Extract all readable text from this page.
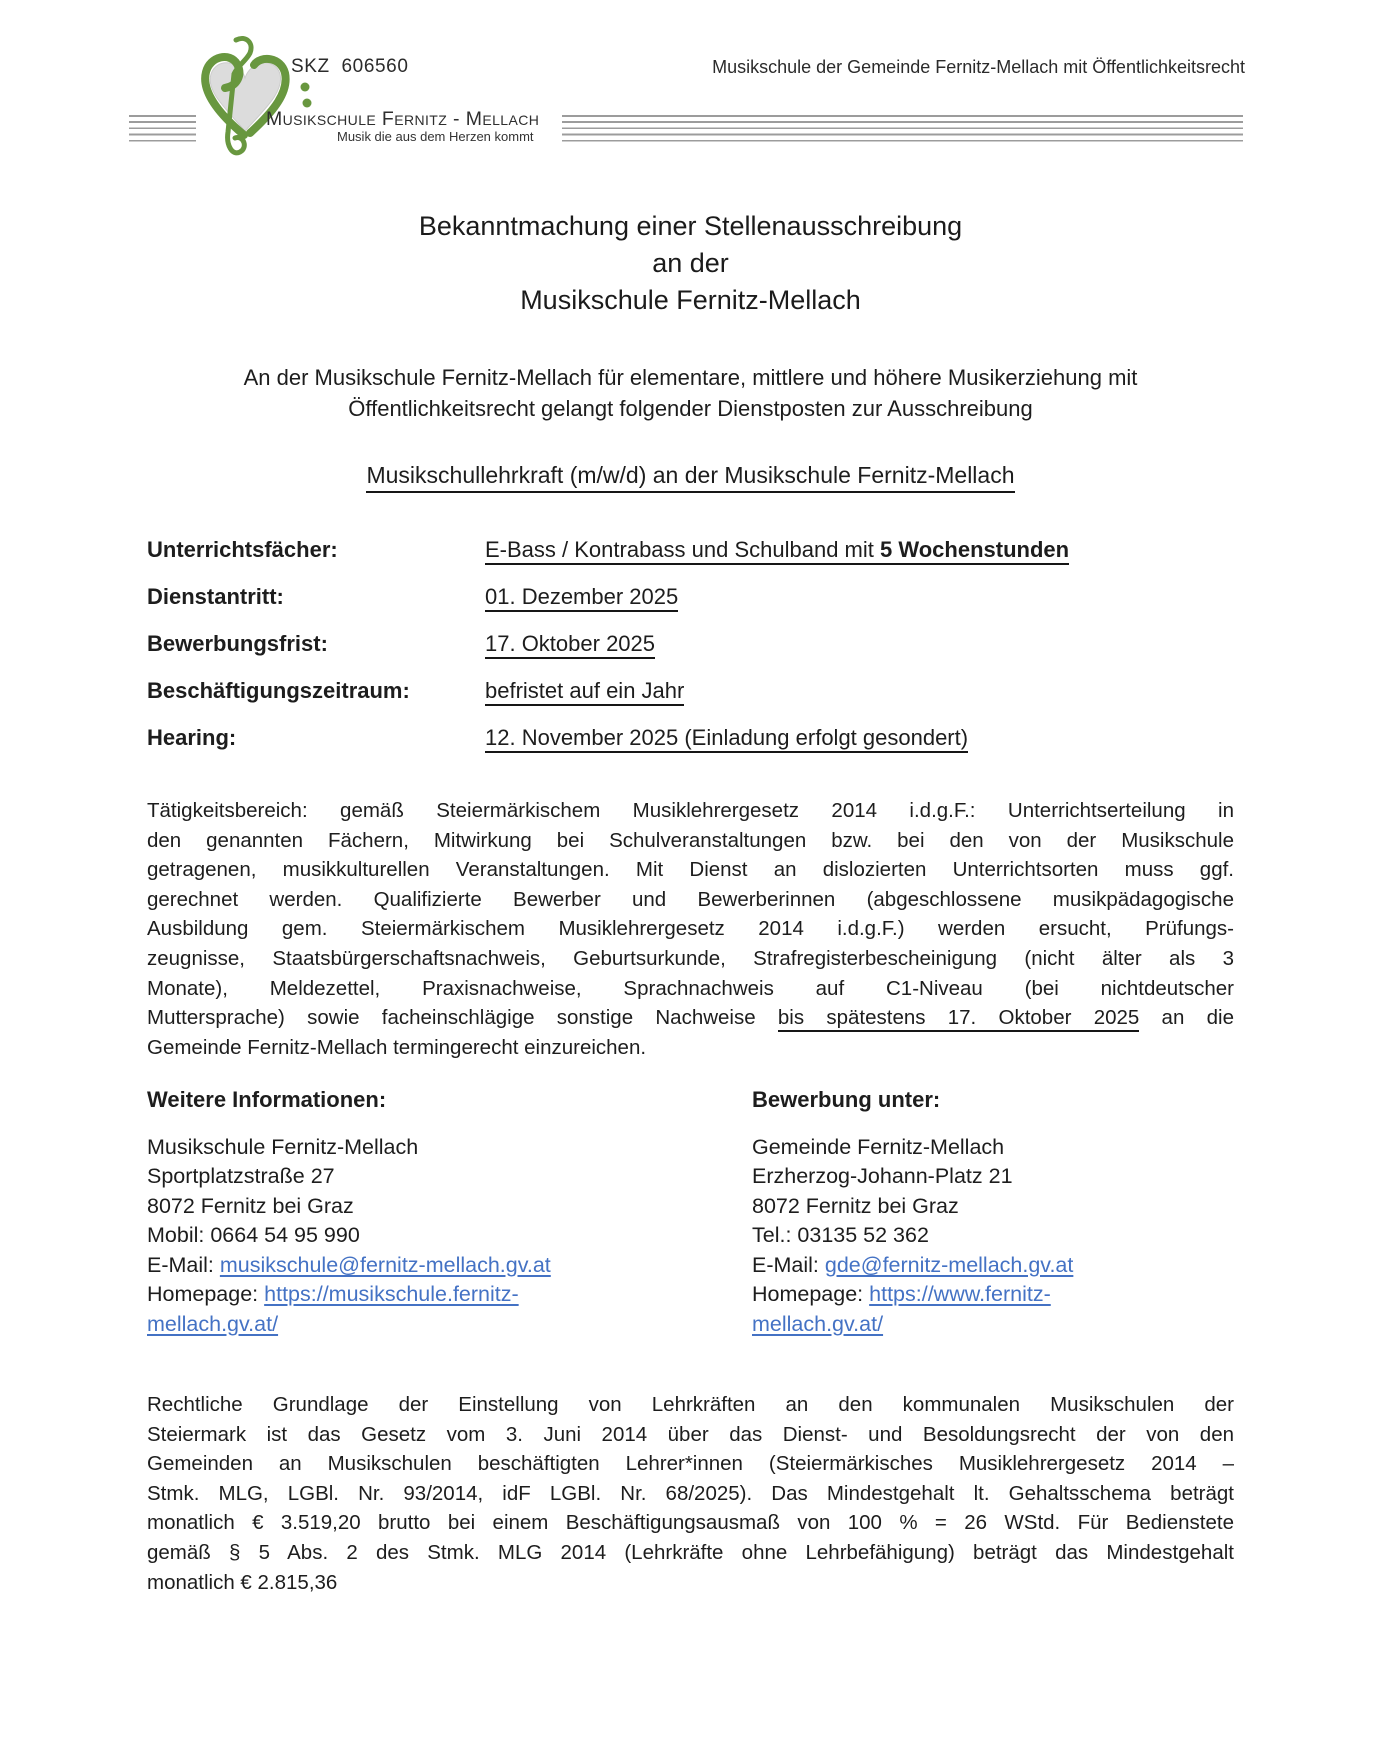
SKZ  606560
Musikschule Fernitz - Mellach
Musik die aus dem Herzen kommt
Musikschule der Gemeinde Fernitz-Mellach mit Öffentlichkeitsrecht
Bekanntmachung einer Stellenausschreibung
an der
Musikschule Fernitz-Mellach
An der Musikschule Fernitz-Mellach für elementare, mittlere und höhere Musikerziehung mit
Öffentlichkeitsrecht gelangt folgender Dienstposten zur Ausschreibung
Musikschullehrkraft (m/w/d) an der Musikschule Fernitz-Mellach
Unterrichtsfächer:	E-Bass / Kontrabass und Schulband mit 5 Wochenstunden
Dienstantritt:	01. Dezember 2025
Bewerbungsfrist:	17. Oktober 2025
Beschäftigungszeitraum:	befristet auf ein Jahr
Hearing:	12. November 2025 (Einladung erfolgt gesondert)
Tätigkeitsbereich: gemäß Steiermärkischem Musiklehrergesetz 2014 i.d.g.F.: Unterrichtserteilung in
den genannten Fächern, Mitwirkung bei Schulveranstaltungen bzw. bei den von der Musikschule
getragenen, musikkulturellen Veranstaltungen. Mit Dienst an dislozierten Unterrichtsorten muss ggf.
gerechnet werden. Qualifizierte Bewerber und Bewerberinnen (abgeschlossene musikpädagogische
Ausbildung gem. Steiermärkischem Musiklehrergesetz 2014 i.d.g.F.) werden ersucht, Prüfungs-
zeugnisse, Staatsbürgerschaftsnachweis, Geburtsurkunde, Strafregisterbescheinigung (nicht älter als 3
Monate), Meldezettel, Praxisnachweise, Sprachnachweis auf C1-Niveau (bei nichtdeutscher
Muttersprache) sowie facheinschlägige sonstige Nachweise bis spätestens 17. Oktober 2025 an die
Gemeinde Fernitz-Mellach termingerecht einzureichen.
Weitere Informationen:
Musikschule Fernitz-Mellach
Sportplatzstraße 27
8072 Fernitz bei Graz
Mobil: 0664 54 95 990
E-Mail: musikschule@fernitz-mellach.gv.at
Homepage: https://musikschule.fernitz-
mellach.gv.at/
Bewerbung unter:
Gemeinde Fernitz-Mellach
Erzherzog-Johann-Platz 21
8072 Fernitz bei Graz
Tel.: 03135 52 362
E-Mail: gde@fernitz-mellach.gv.at
Homepage: https://www.fernitz-
mellach.gv.at/
Rechtliche Grundlage der Einstellung von Lehrkräften an den kommunalen Musikschulen der
Steiermark ist das Gesetz vom 3. Juni 2014 über das Dienst- und Besoldungsrecht der von den
Gemeinden an Musikschulen beschäftigten Lehrer*innen (Steiermärkisches Musiklehrergesetz 2014 –
Stmk. MLG, LGBl. Nr. 93/2014, idF LGBl. Nr. 68/2025). Das Mindestgehalt lt. Gehaltsschema beträgt
monatlich € 3.519,20 brutto bei einem Beschäftigungsausmaß von 100 % = 26 WStd. Für Bedienstete
gemäß § 5 Abs. 2 des Stmk. MLG 2014 (Lehrkräfte ohne Lehrbefähigung) beträgt das Mindestgehalt
monatlich € 2.815,36
